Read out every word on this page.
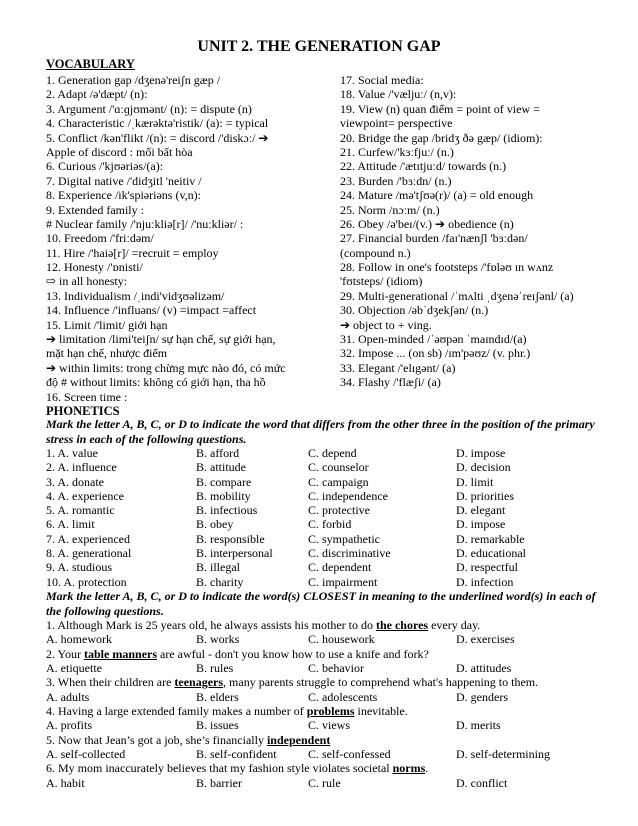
UNIT 2. THE GENERATION GAP
VOCABULARY
1. Generation gap /dʒenə'reiʃn gæp /
2. Adapt /ə'dæpt/ (n):
3. Argument /'ɑːɡjʊmənt/ (n): = dispute (n)
4. Characteristic /ˌkærəktə'ristik/ (a): = typical
5. Conflict /kən'flikt /(n): = discord /'diskɔː/ ➔
Apple of discord : mối bất hòa
6. Curious /'kjʊəriəs/(a):
7. Digital native /'didʒitl 'neitiv /
8. Experience /ik'spiəriəns (v,n):
9. Extended family :
# Nuclear family /'njuːkliə[r]/ /'nuːkliər/ :
10. Freedom /'friːdəm/
11. Hire /'haiə[r]/ =recruit = employ
12. Honesty /'ɒnisti/
⇨ in all honesty:
13. Individualism /ˌindi'vidʒʊəlizəm/
14. Influence /'influəns/ (v) =impact =affect
15. Limit /'limit/ giới hạn
➔ limitation /limi'teiʃn/ sự hạn chế, sự giới hạn,
mặt hạn chế, nhược điểm
➔ within limits: trong chừng mực nào đó, có mức
độ # without limits: không có giới hạn, tha hồ
16. Screen time :
17. Social media:
18. Value /'væljuː/ (n,v):
19. View (n) quan điểm = point of view =
viewpoint= perspective
20. Bridge the gap /bridʒ ðə gæp/ (idiom):
21. Curfew/'kɜːfjuː/ (n.)
22. Attitude /'ætɪtjuːd/ towards (n.)
23. Burden /'bɜːdn/ (n.)
24. Mature /mə'tʃʊə(r)/ (a) = old enough
25. Norm /nɔːm/ (n.)
26. Obey /ə'beɪ/(v.) ➔ obedience (n)
27. Financial burden /faɪ'nænʃl 'bɜːdən/
(compound n.)
28. Follow in one's footsteps /'fɒləʊ ɪn wʌnz
'fʊtsteps/ (idiom)
29. Multi-generational /ˈmʌlti ˌdʒenəˈreɪʃənl/ (a)
30. Objection /əbˈdʒekʃən/ (n.)
➔ object to + ving.
31. Open-minded /ˈəʊpən ˈmaɪndɪd/(a)
32. Impose ... (on sb) /ɪm'pəʊz/ (v. phr.)
33. Elegant /'elɪgənt/ (a)
34. Flashy /'flæʃi/ (a)
PHONETICS
Mark the letter A, B, C, or D to indicate the word that differs from the other three in the position of the primary stress in each of the following questions.
1. A. value	B. afford	C. depend	D. impose
2. A. influence	B. attitude	C. counselor	D. decision
3. A. donate	B. compare	C. campaign	D. limit
4. A. experience	B. mobility	C. independence	D. priorities
5. A. romantic	B. infectious	C. protective	D. elegant
6. A. limit	B. obey	C. forbid	D. impose
7. A. experienced	B. responsible	C. sympathetic	D. remarkable
8. A. generational	B. interpersonal	C. discriminative	D. educational
9. A. studious	B. illegal	C. dependent	D. respectful
10. A. protection	B. charity	C. impairment	D. infection
Mark the letter A, B, C, or D to indicate the word(s) CLOSEST in meaning to the underlined word(s) in each of the following questions.
1. Although Mark is 25 years old, he always assists his mother to do the chores every day.
A. homework	B. works	C. housework	D. exercises
2. Your table manners are awful - don't you know how to use a knife and fork?
A. etiquette	B. rules	C. behavior	D. attitudes
3. When their children are teenagers, many parents struggle to comprehend what's happening to them.
A. adults	B. elders	C. adolescents	D. genders
4. Having a large extended family makes a number of problems inevitable.
A. profits	B. issues	C. views	D. merits
5. Now that Jean’s got a job, she’s financially independent
A. self-collected	B. self-confident	C. self-confessed	D. self-determining
6. My mom inaccurately believes that my fashion style violates societal norms.
A. habit	B. barrier	C. rule	D. conflict
